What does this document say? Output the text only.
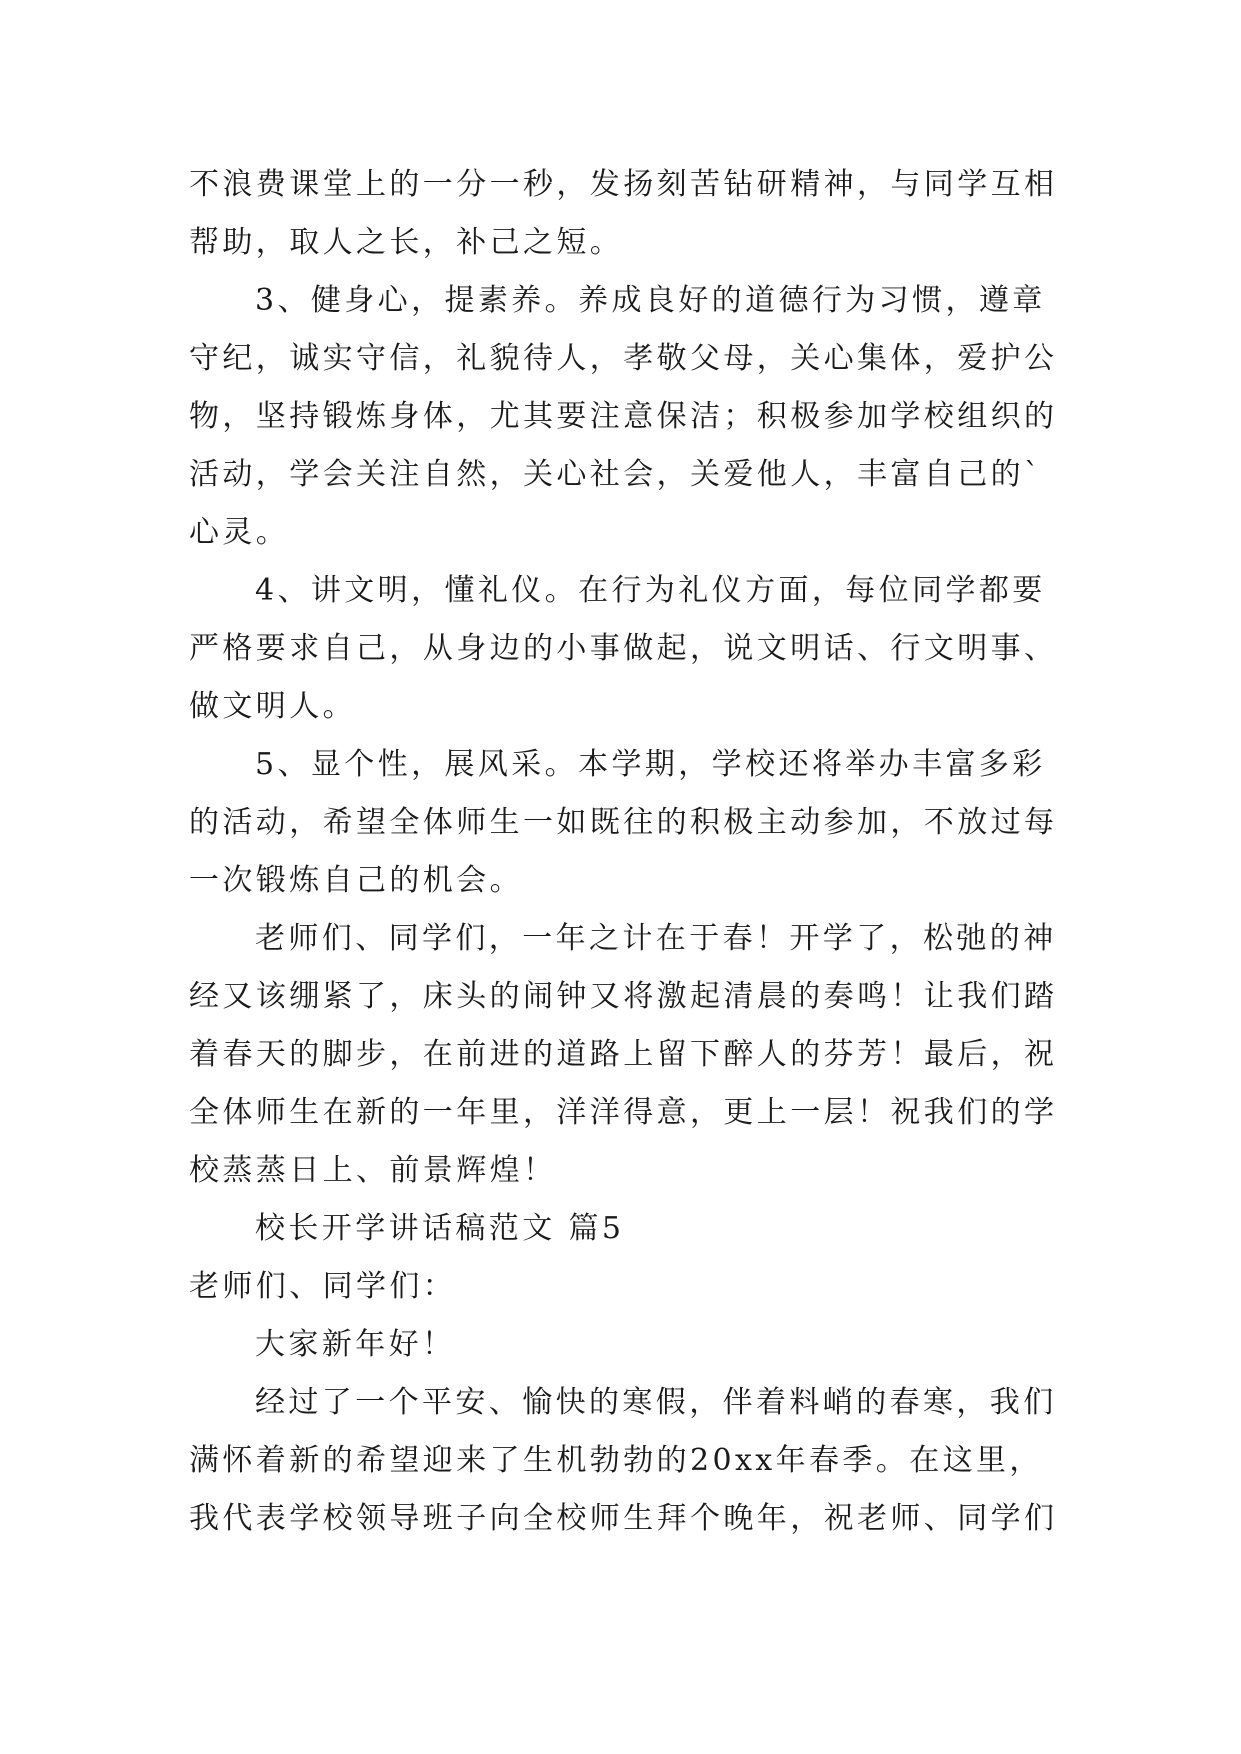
不浪费课堂上的一分一秒，发扬刻苦钻研精神，与同学互相
帮助，取人之长，补己之短。
3、健身心，提素养。养成良好的道德行为习惯，遵章
守纪，诚实守信，礼貌待人，孝敬父母，关心集体，爱护公
物，坚持锻炼身体，尤其要注意保洁；积极参加学校组织的
活动，学会关注自然，关心社会，关爱他人，丰富自己的`
心灵。
4、讲文明，懂礼仪。在行为礼仪方面，每位同学都要
严格要求自己，从身边的小事做起，说文明话、行文明事、
做文明人。
5、显个性，展风采。本学期，学校还将举办丰富多彩
的活动，希望全体师生一如既往的积极主动参加，不放过每
一次锻炼自己的机会。
老师们、同学们，一年之计在于春！开学了，松弛的神
经又该绷紧了，床头的闹钟又将激起清晨的奏鸣！让我们踏
着春天的脚步，在前进的道路上留下醉人的芬芳！最后，祝
全体师生在新的一年里，洋洋得意，更上一层！祝我们的学
校蒸蒸日上、前景辉煌！
校长开学讲话稿范文 篇5
老师们、同学们：
大家新年好！
经过了一个平安、愉快的寒假，伴着料峭的春寒，我们
满怀着新的希望迎来了生机勃勃的20xx年春季。在这里，
我代表学校领导班子向全校师生拜个晚年，祝老师、同学们
